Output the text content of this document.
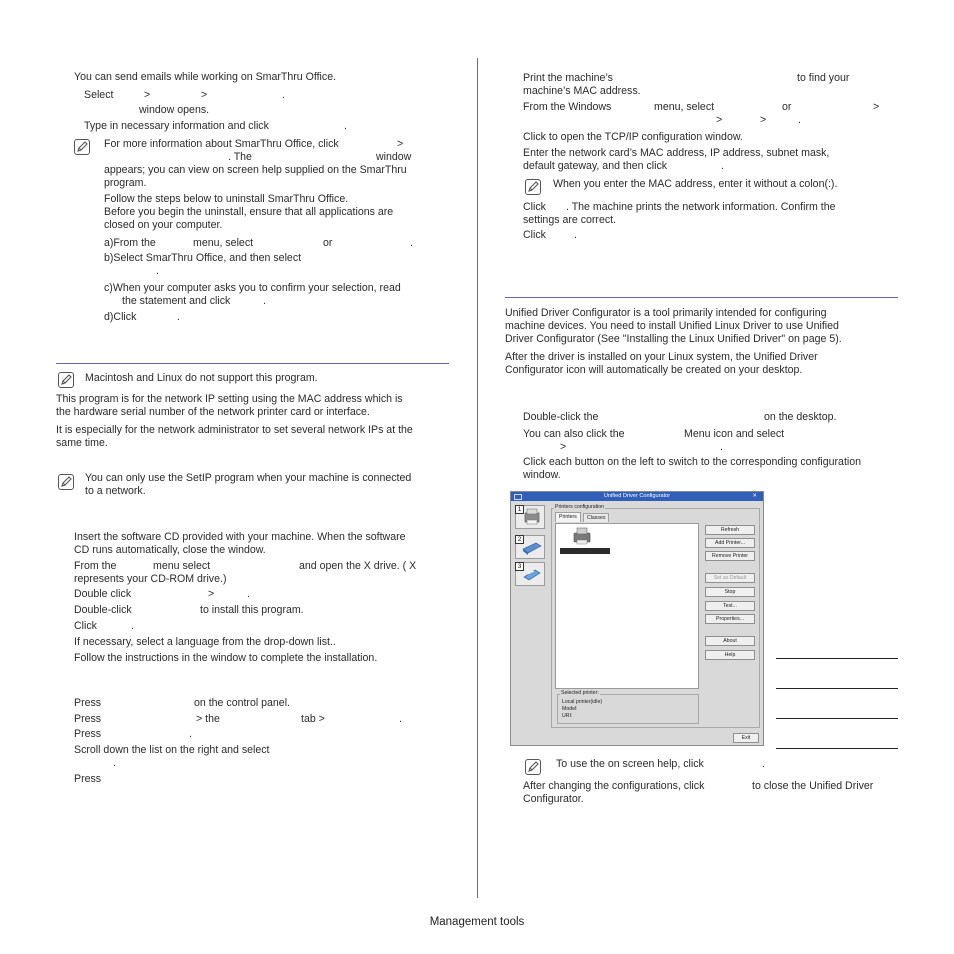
You can send emails while working on SmarThru Office.
Select	>	>	.
window opens.
Type in necessary information and click	.
For more information about SmarThru Office, click	>
. The	window
appears; you can view on screen help supplied on the SmarThru
program.
Follow the steps below to uninstall SmarThru Office.
Before you begin the uninstall, ensure that all applications are
closed on your computer.
a)From the	menu, select	or	.
b)Select SmarThru Office, and then select
.
c)When your computer asks you to confirm your selection, read
the statement and click	.
d)Click	.
Macintosh and Linux do not support this program.
This program is for the network IP setting using the MAC address which is
the hardware serial number of the network printer card or interface.
It is especially for the network administrator to set several network IPs at the
same time.
You can only use the SetIP program when your machine is connected
to a network.
Insert the software CD provided with your machine. When the software
CD runs automatically, close the window.
From the	menu select	and open the X drive. ( X
represents your CD-ROM drive.)
Double click	>	.
Double-click	to install this program.
Click	.
If necessary, select a language from the drop-down list..
Follow the instructions in the window to complete the installation.
Press	on the control panel.
Press	> the	tab >	.
Press	.
Scroll down the list on the right and select
.
Press
Print the machine’s	to find your
machine’s MAC address.
From the Windows	menu, select	or	>
>	>	.
Click to open the TCP/IP configuration window.
Enter the network card’s MAC address, IP address, subnet mask,
default gateway, and then click	.
When you enter the MAC address, enter it without a colon(:).
Click . The machine prints the network information. Confirm the
settings are correct.
Click	.
Unified Driver Configurator is a tool primarily intended for configuring
machine devices. You need to install Unified Linux Driver to use Unified
Driver Configurator (See "Installing the Linux Unified Driver" on page 5).
After the driver is installed on your Linux system, the Unified Driver
Configurator icon will automatically be created on your desktop.
Double-click the	on the desktop.
You can also click the	Menu icon and select
>	.
Click each button on the left to switch to the corresponding configuration
window.
Unified Driver Configurator	✕
1
2
3
Printers configuration
Printers	Classes
Refresh
Add Printer...
Remove Printer
Set as Default
Stop
Test...
Properties...
About
Help
Selected printer:
Local printer(idle)
Model:
URI:
Exit
To use the on screen help, click	.
After changing the configurations, click	to close the Unified Driver
Configurator.
Management tools
